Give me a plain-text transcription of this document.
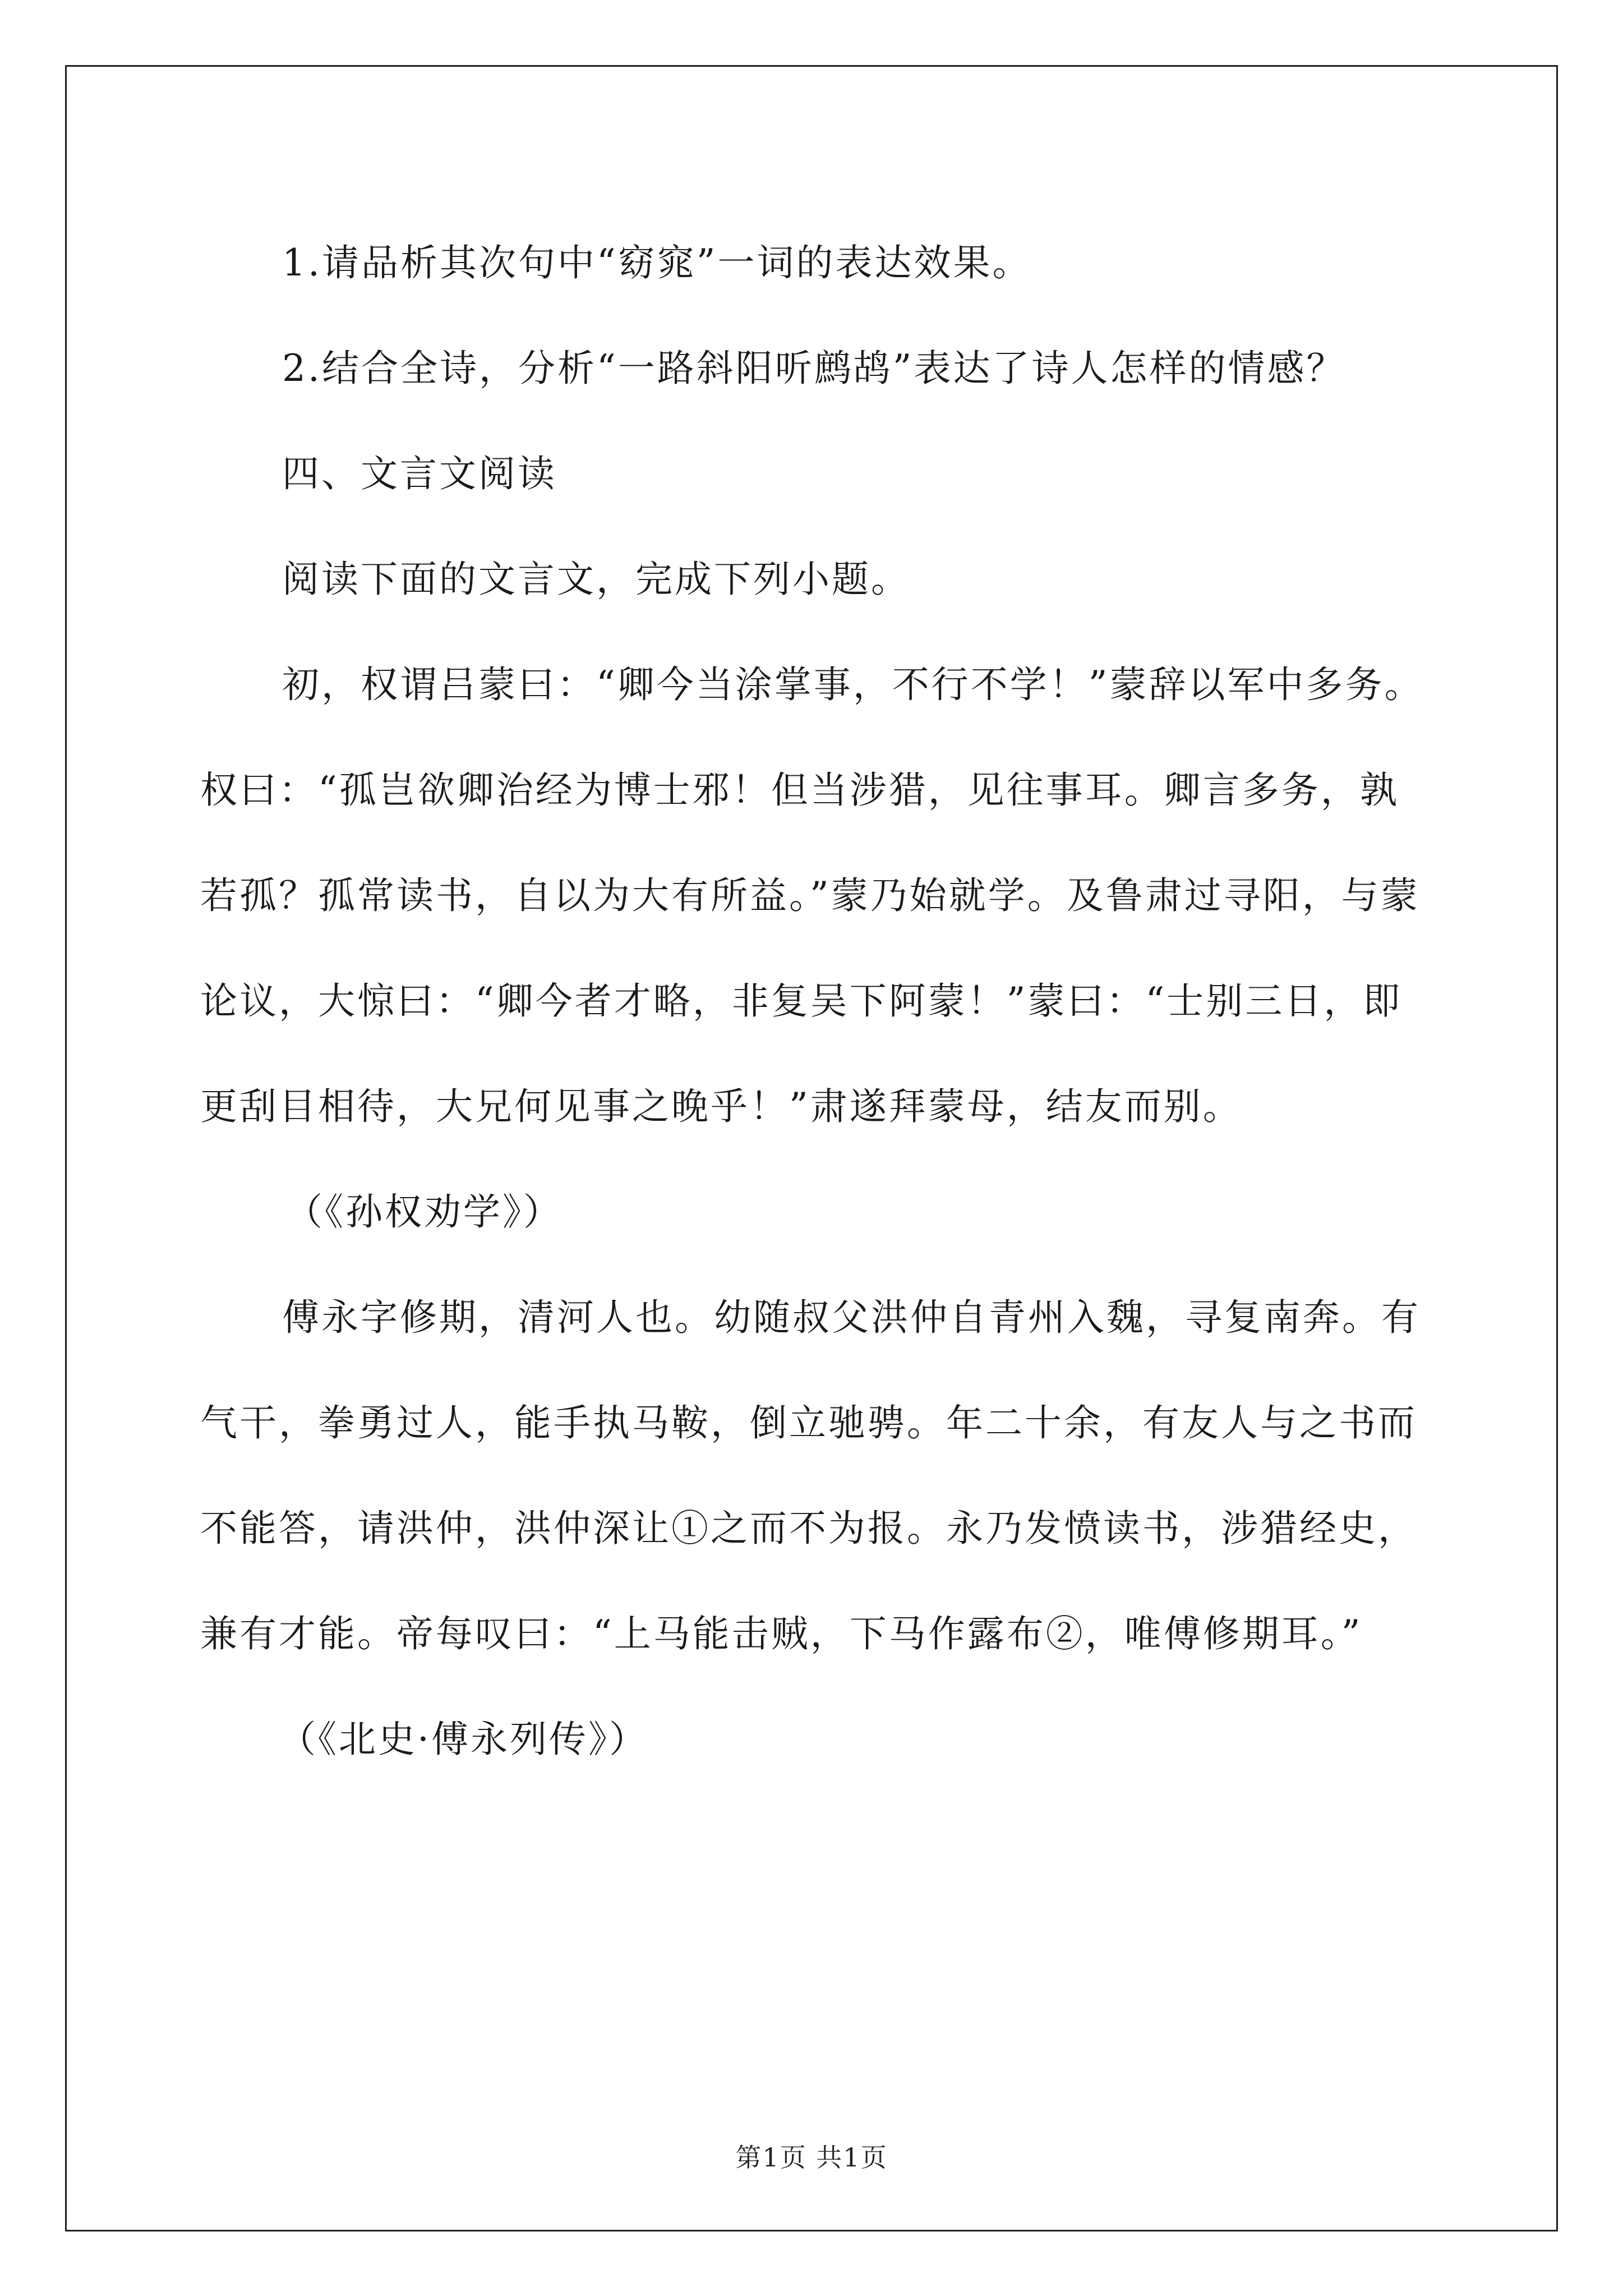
1.请品析其次句中“窈窕”一词的表达效果。

2.结合全诗，分析“一路斜阳听鹧鸪”表达了诗人怎样的情感？

四、文言文阅读

阅读下面的文言文，完成下列小题。

初，权谓吕蒙曰：“卿今当涂掌事，不行不学！”蒙辞以军中多务。权曰：“孤岂欲卿治经为博士邪！但当涉猎，见往事耳。卿言多务，孰若孤？孤常读书，自以为大有所益。”蒙乃始就学。及鲁肃过寻阳，与蒙论议，大惊曰：“卿今者才略，非复吴下阿蒙！”蒙曰：“士别三日，即更刮目相待，大兄何见事之晚乎！”肃遂拜蒙母，结友而别。

（《孙权劝学》）

傅永字修期，清河人也。幼随叔父洪仲自青州入魏，寻复南奔。有气干，拳勇过人，能手执马鞍，倒立驰骋。年二十余，有友人与之书而不能答，请洪仲，洪仲深让①之而不为报。永乃发愤读书，涉猎经史，兼有才能。帝每叹曰：“上马能击贼，下马作露布②，唯傅修期耳。”

（《北史·傅永列传》）

第1页 共1页
